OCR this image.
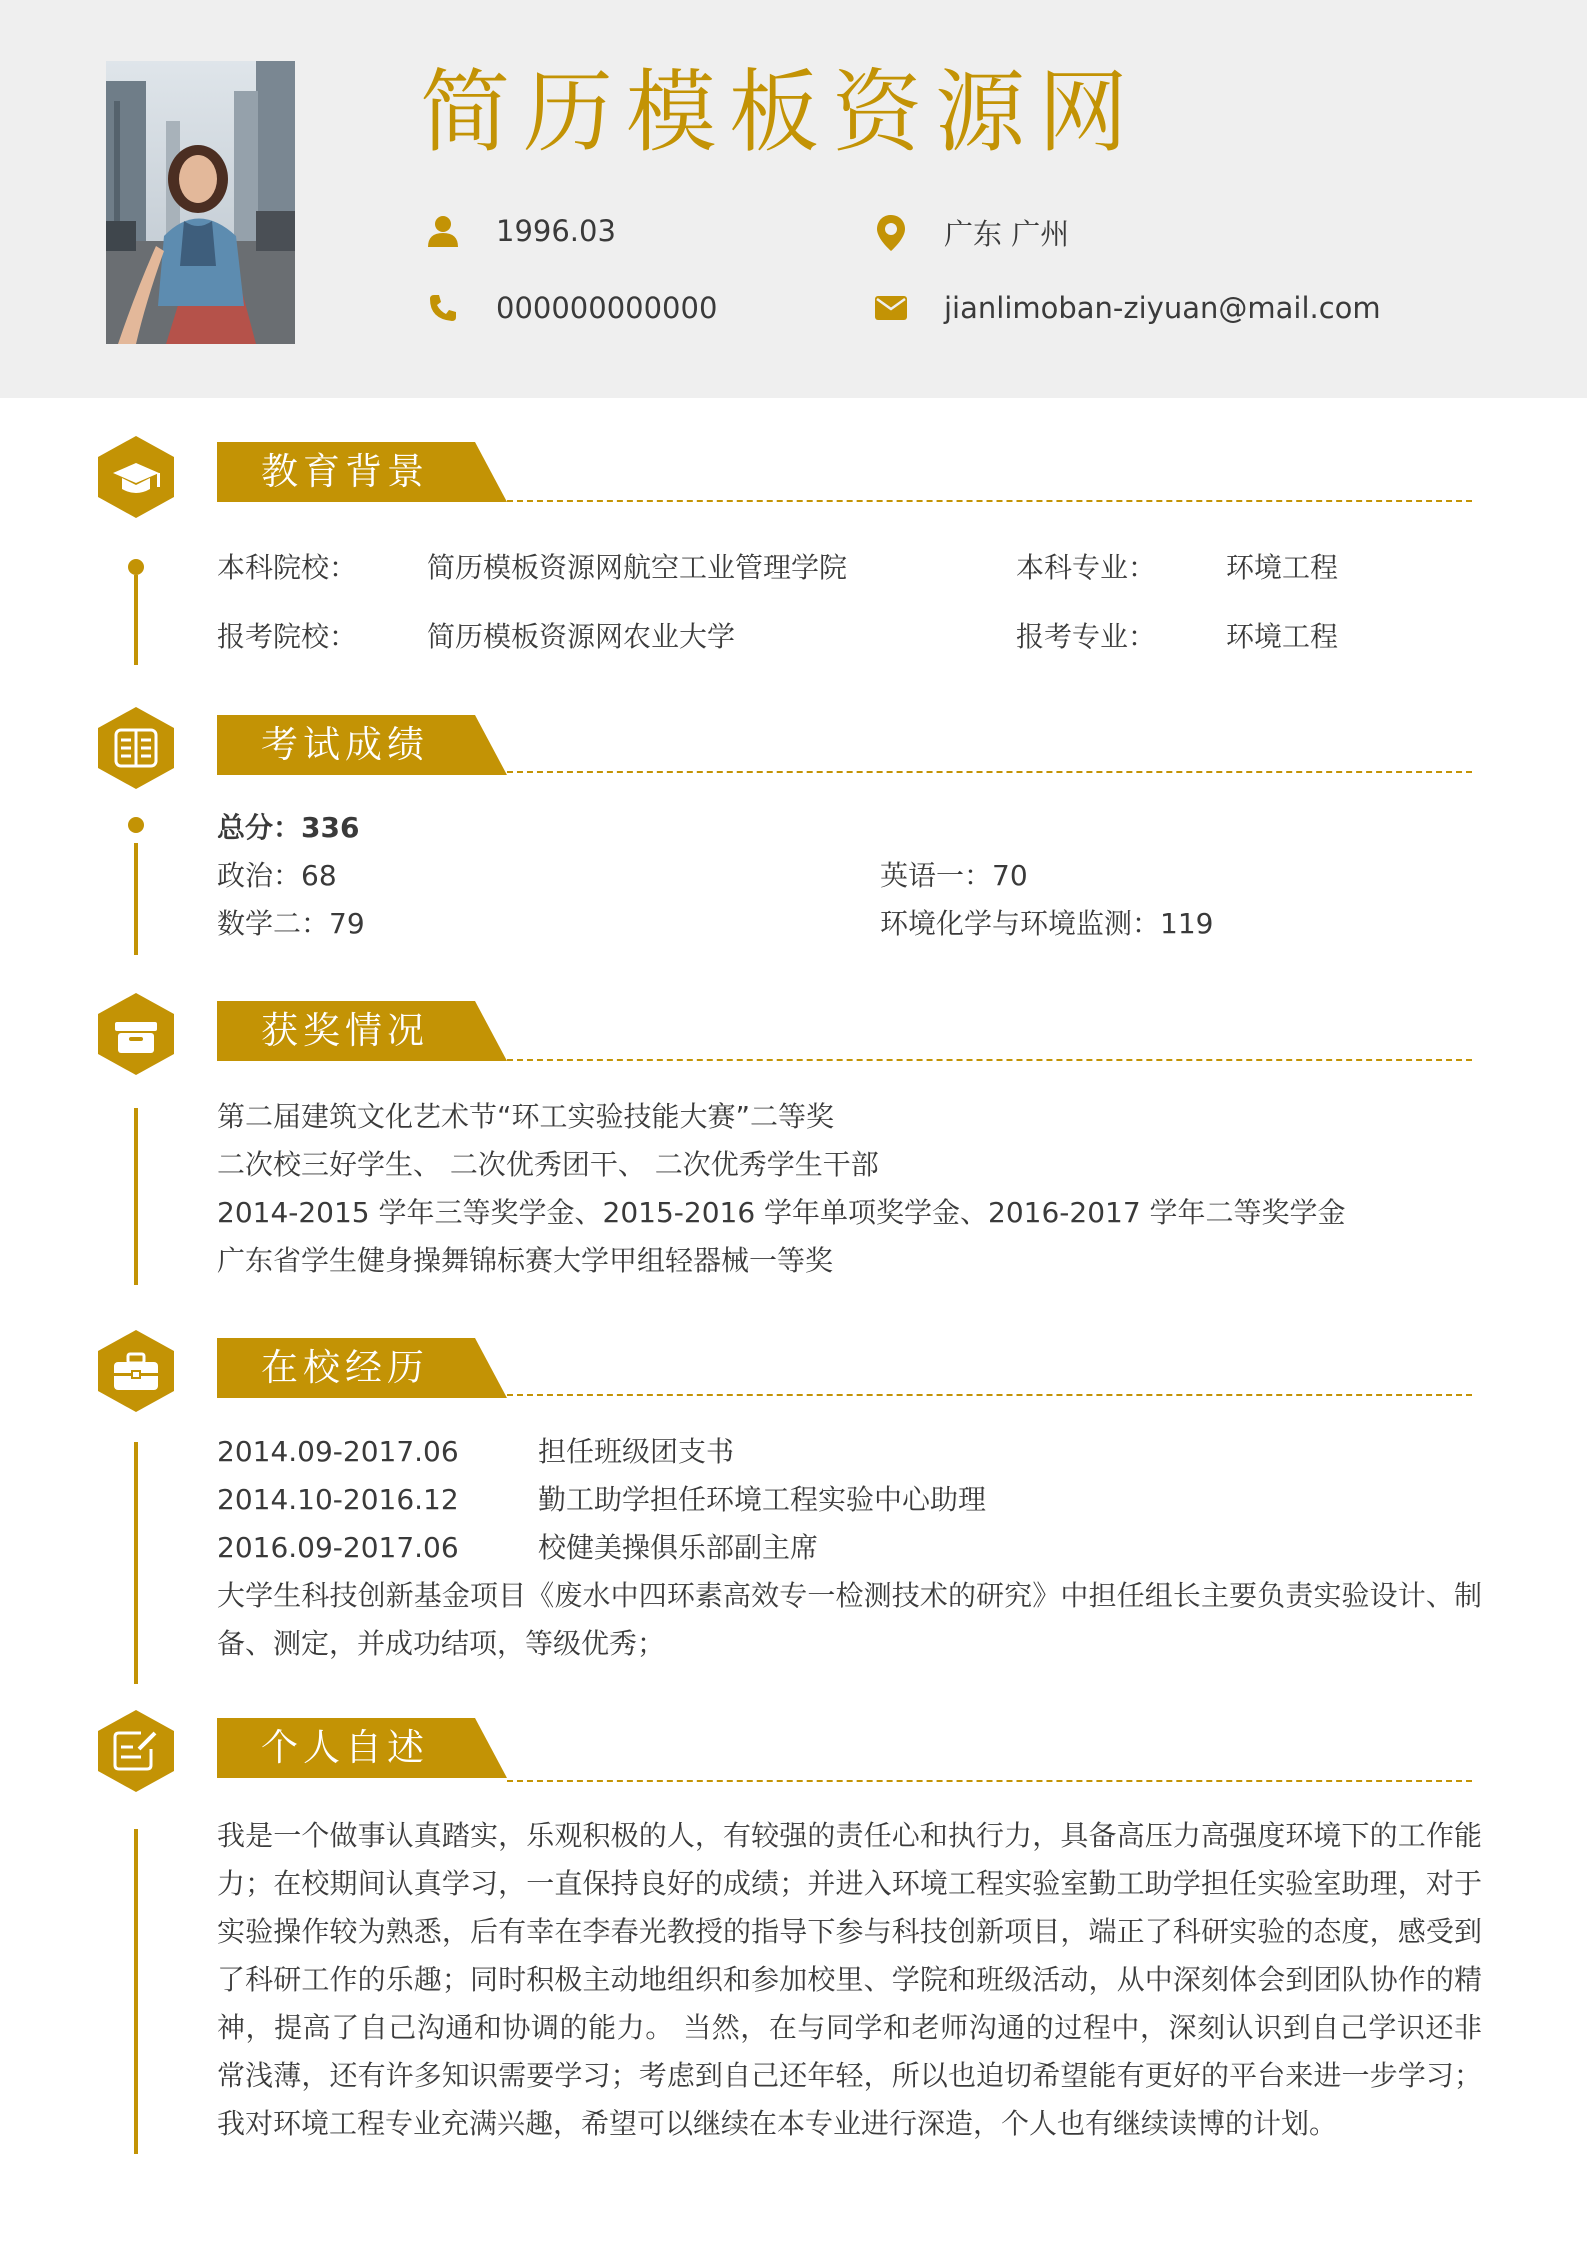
简历模板资源网
1996.03	广东 广州
000000000000	jianlimoban-ziyuan@mail.com
教育背景
本科院校： 简历模板资源网航空工业管理学院	本科专业： 环境工程
报考院校： 简历模板资源网农业大学	报考专业： 环境工程
考试成绩
总分：336
政治：68	英语一：70
数学二：79	环境化学与环境监测：119
获奖情况
第二届建筑文化艺术节“环工实验技能大赛”二等奖
二次校三好学生、 二次优秀团干、 二次优秀学生干部
2014-2015 学年三等奖学金、2015-2016 学年单项奖学金、2016-2017 学年二等奖学金
广东省学生健身操舞锦标赛大学甲组轻器械一等奖
在校经历
2014.09-2017.06	担任班级团支书
2014.10-2016.12	勤工助学担任环境工程实验中心助理
2016.09-2017.06	校健美操俱乐部副主席
大学生科技创新基金项目《废水中四环素高效专一检测技术的研究》中担任组长主要负责实验设计、制备、测定，并成功结项，等级优秀；
个人自述
我是一个做事认真踏实，乐观积极的人，有较强的责任心和执行力，具备高压力高强度环境下的工作能力；在校期间认真学习，一直保持良好的成绩；并进入环境工程实验室勤工助学担任实验室助理，对于实验操作较为熟悉，后有幸在李春光教授的指导下参与科技创新项目，端正了科研实验的态度，感受到了科研工作的乐趣；同时积极主动地组织和参加校里、学院和班级活动，从中深刻体会到团队协作的精神，提高了自己沟通和协调的能力。 当然，在与同学和老师沟通的过程中，深刻认识到自己学识还非常浅薄，还有许多知识需要学习；考虑到自己还年轻，所以也迫切希望能有更好的平台来进一步学习；我对环境工程专业充满兴趣，希望可以继续在本专业进行深造，个人也有继续读博的计划。
